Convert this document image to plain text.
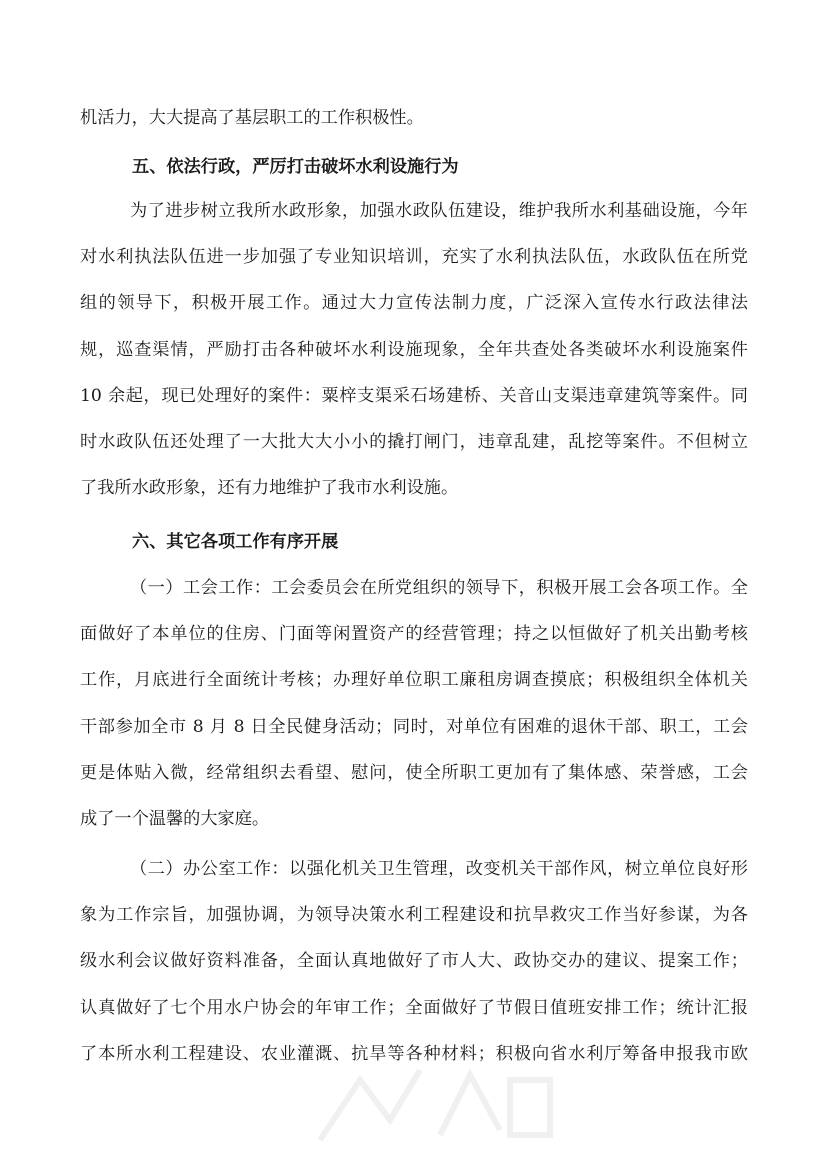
机活力，大大提高了基层职工的工作积极性。
五、依法行政，严厉打击破坏水利设施行为
为了进步树立我所水政形象，加强水政队伍建设，维护我所水利基础设施，今年
对水利执法队伍进一步加强了专业知识培训，充实了水利执法队伍，水政队伍在所党
组的领导下，积极开展工作。通过大力宣传法制力度，广泛深入宣传水行政法律法
规，巡查渠情，严励打击各种破坏水利设施现象，全年共查处各类破坏水利设施案件
10 余起，现已处理好的案件：粟梓支渠采石场建桥、关音山支渠违章建筑等案件。同
时水政队伍还处理了一大批大大小小的撬打闸门，违章乱建，乱挖等案件。不但树立
了我所水政形象，还有力地维护了我市水利设施。
六、其它各项工作有序开展
（一）工会工作：工会委员会在所党组织的领导下，积极开展工会各项工作。全
面做好了本单位的住房、门面等闲置资产的经营管理；持之以恒做好了机关出勤考核
工作，月底进行全面统计考核；办理好单位职工廉租房调查摸底；积极组织全体机关
干部参加全市 8 月 8 日全民健身活动；同时，对单位有困难的退休干部、职工，工会
更是体贴入微，经常组织去看望、慰问，使全所职工更加有了集体感、荣誉感，工会
成了一个温馨的大家庭。
（二）办公室工作：以强化机关卫生管理，改变机关干部作风，树立单位良好形
象为工作宗旨，加强协调，为领导决策水利工程建设和抗旱救灾工作当好参谋，为各
级水利会议做好资料准备，全面认真地做好了市人大、政协交办的建议、提案工作；
认真做好了七个用水户协会的年审工作；全面做好了节假日值班安排工作；统计汇报
了本所水利工程建设、农业灌溉、抗旱等各种材料；积极向省水利厅筹备申报我市欧
